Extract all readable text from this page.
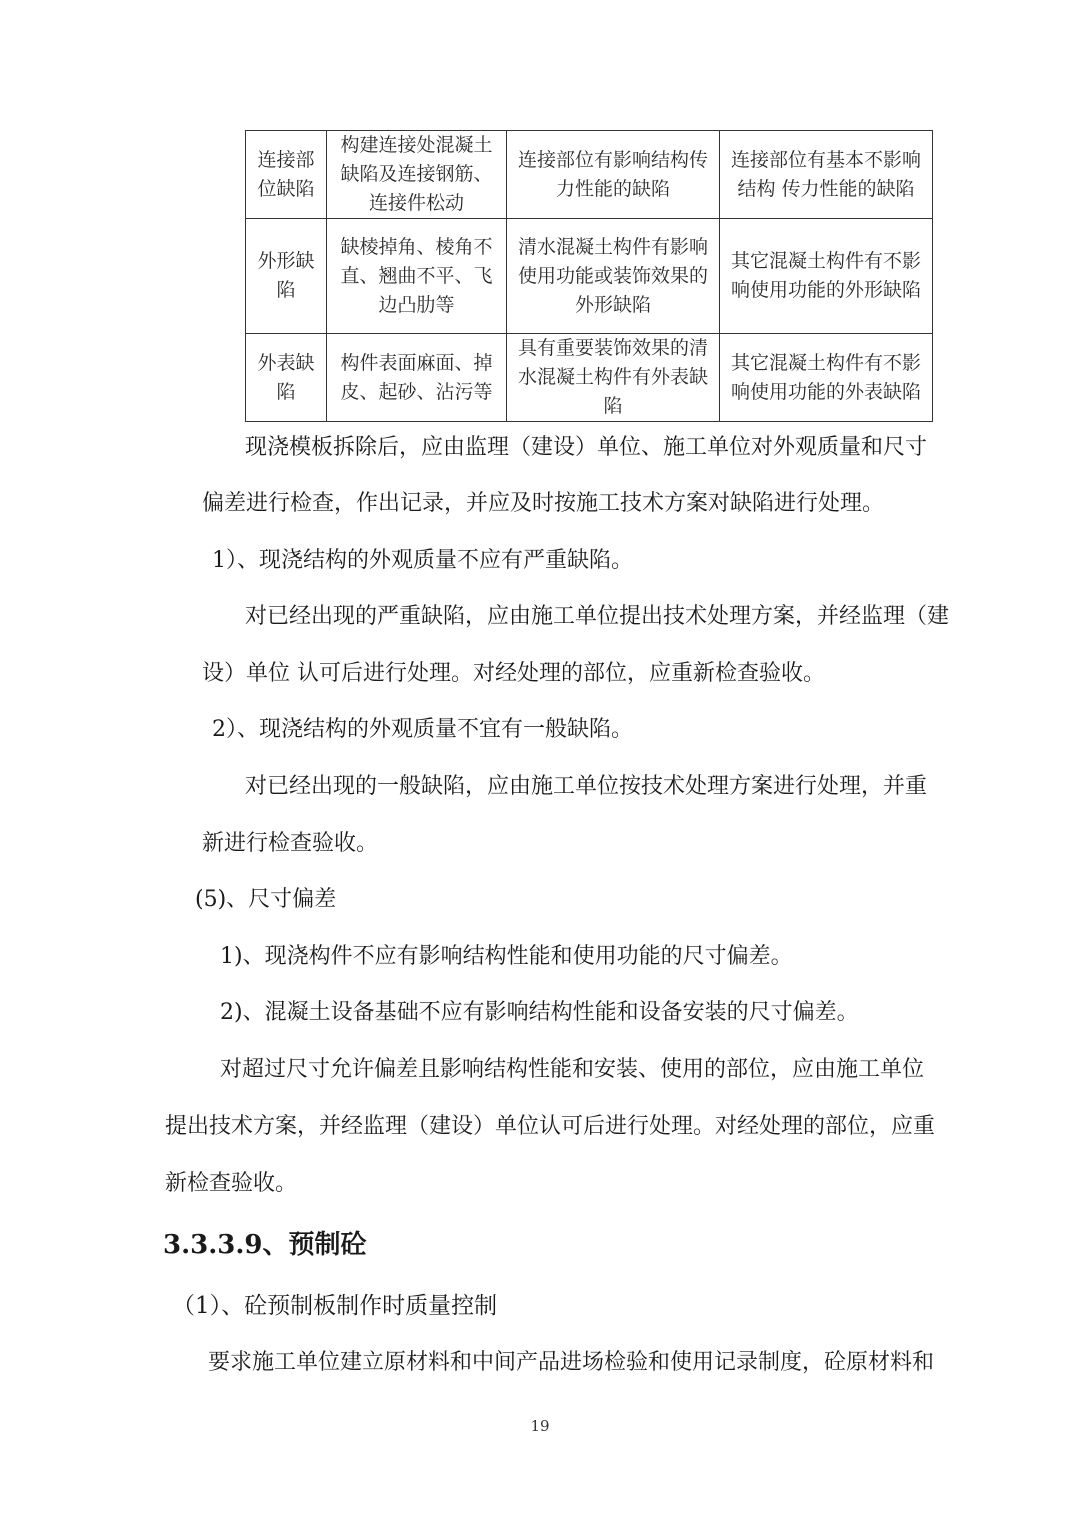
连接部位缺陷	构建连接处混凝土缺陷及连接钢筋、连接件松动	连接部位有影响结构传力性能的缺陷	连接部位有基本不影响结构 传力性能的缺陷
外形缺陷	缺棱掉角、棱角不直、翘曲不平、飞边凸肋等	清水混凝土构件有影响使用功能或装饰效果的外形缺陷	其它混凝土构件有不影响使用功能的外形缺陷
外表缺陷	构件表面麻面、掉皮、起砂、沾污等	具有重要装饰效果的清水混凝土构件有外表缺陷	其它混凝土构件有不影响使用功能的外表缺陷

现浇模板拆除后，应由监理（建设）单位、施工单位对外观质量和尺寸

偏差进行检查，作出记录，并应及时按施工技术方案对缺陷进行处理。

1）、现浇结构的外观质量不应有严重缺陷。

对已经出现的严重缺陷，应由施工单位提出技术处理方案，并经监理（建

设）单位 认可后进行处理。对经处理的部位，应重新检查验收。

2）、现浇结构的外观质量不宜有一般缺陷。

对已经出现的一般缺陷，应由施工单位按技术处理方案进行处理，并重

新进行检查验收。

(5)、尺寸偏差

1)、现浇构件不应有影响结构性能和使用功能的尺寸偏差。

2)、混凝土设备基础不应有影响结构性能和设备安装的尺寸偏差。

对超过尺寸允许偏差且影响结构性能和安装、使用的部位，应由施工单位

提出技术方案，并经监理（建设）单位认可后进行处理。对经处理的部位，应重

新检查验收。

3.3.3.9、预制砼

（1）、砼预制板制作时质量控制

要求施工单位建立原材料和中间产品进场检验和使用记录制度，砼原材料和

19
